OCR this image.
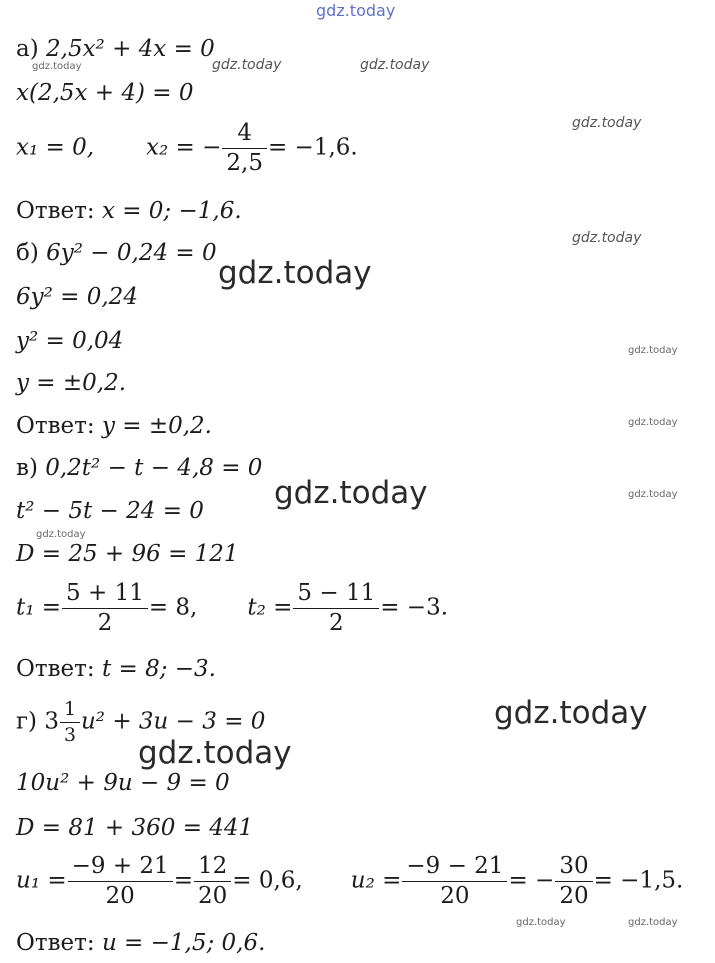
gdz.today
gdz.today	gdz.today	gdz.today
gdz.today
gdz.today
gdz.today
gdz.today
gdz.today
gdz.today	gdz.today
gdz.today
gdz.today
gdz.today
gdz.today	gdz.today
а) 2,5x² + 4x = 0
x(2,5x + 4) = 0
x₁ = 0, x₂ = − $\frac{4}{2,5} = -1,6$.
Ответ: x = 0; −1,6.
б) 6y² − 0,24 = 0
6y² = 0,24
y² = 0,04
y = ±0,2.
Ответ: y = ±0,2.
в) 0,2t² − t − 4,8 = 0
t² − 5t − 24 = 0
D = 25 + 96 = 121
$t_1 = \frac{5 + 11}{2} = 8$, $t_2 = \frac{5 - 11}{2} = -3$.
Ответ: t = 8; −3.
г) $3 \frac{1}{3} u^2 + 3u - 3 = 0$
10u² + 9u − 9 = 0
D = 81 + 360 = 441
$u_1 = \frac{-9 + 21}{20} = \frac{12}{20} = 0,6$, $u_2 = \frac{-9 - 21}{20}$ = − $\frac{30}{20} = -1,5$.
Ответ: u = −1,5; 0,6.
